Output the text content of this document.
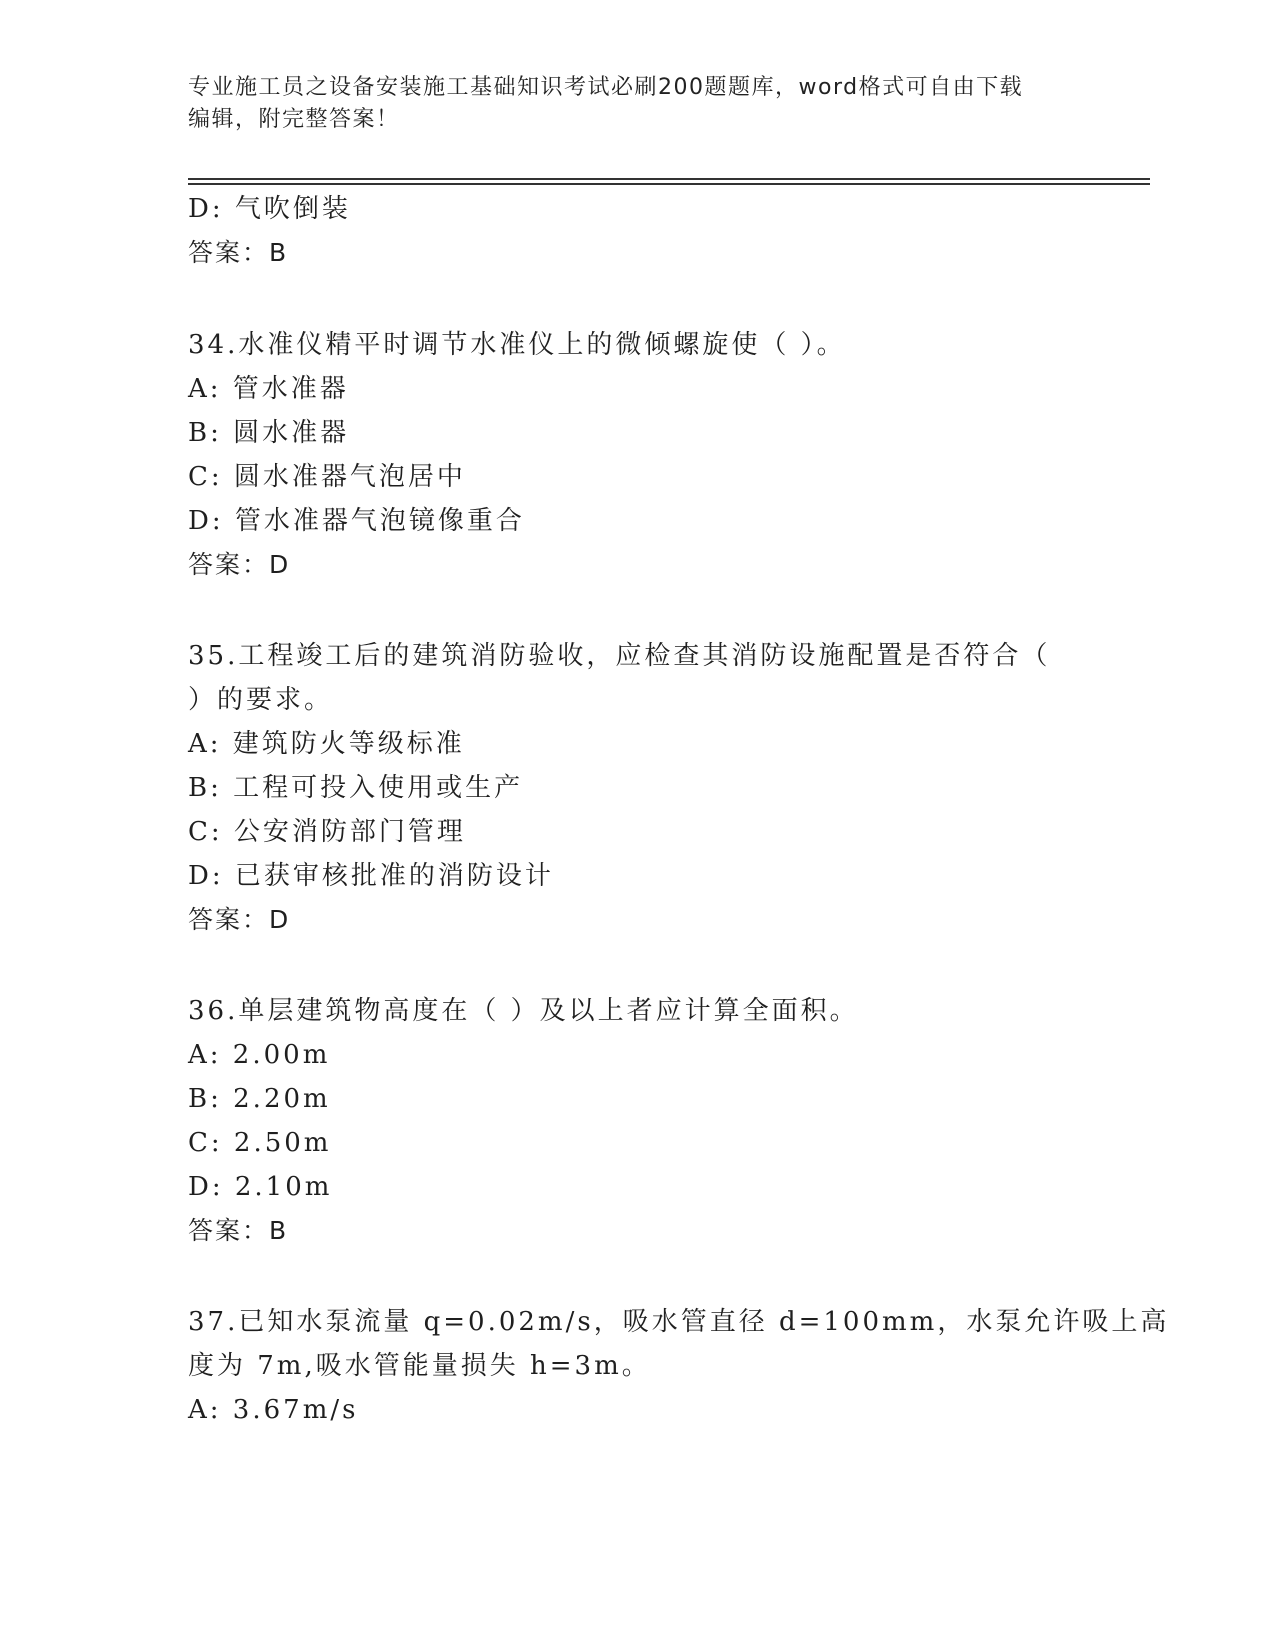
专业施工员之设备安装施工基础知识考试必刷200题题库，word格式可自由下载
编辑，附完整答案！
D: 气吹倒装
答案：B
34.水准仪精平时调节水准仪上的微倾螺旋使（ ）。
A: 管水准器
B: 圆水准器
C: 圆水准器气泡居中
D: 管水准器气泡镜像重合
答案：D
35.工程竣工后的建筑消防验收，应检查其消防设施配置是否符合（
）的要求。
A: 建筑防火等级标准
B: 工程可投入使用或生产
C: 公安消防部门管理
D: 已获审核批准的消防设计
答案：D
36.单层建筑物高度在（ ）及以上者应计算全面积。
A: 2.00m
B: 2.20m
C: 2.50m
D: 2.10m
答案：B
37.已知水泵流量 q=0.02m/s，吸水管直径 d=100mm，水泵允许吸上高
度为 7m,吸水管能量损失 h=3m。
A: 3.67m/s
